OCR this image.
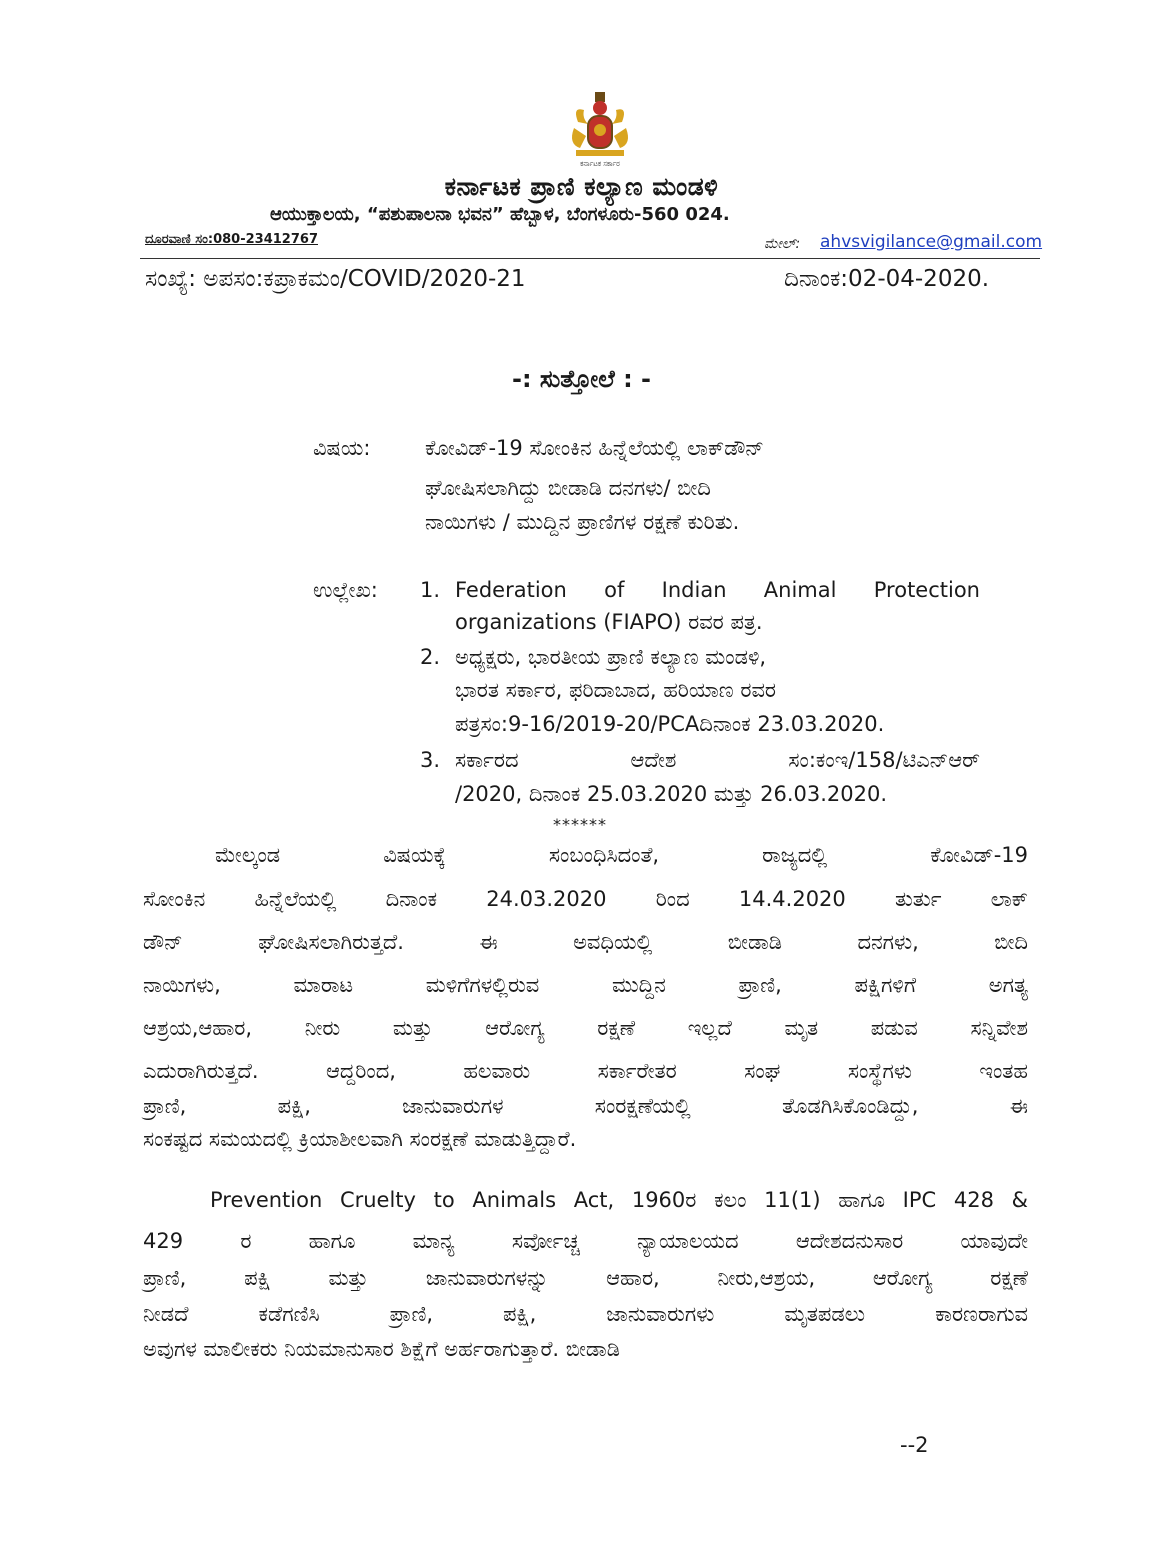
ಕರ್ನಾಟಕ ಸರ್ಕಾರ
ಕರ್ನಾಟಕ ಪ್ರಾಣಿ ಕಲ್ಯಾಣ ಮಂಡಳಿ
ಆಯುಕ್ತಾಲಯ, “ಪಶುಪಾಲನಾ ಭವನ” ಹೆಬ್ಬಾಳ, ಬೆಂಗಳೂರು-560 024.
ದೂರವಾಣಿ ಸಂ:080-23412767	ಮೇಲ್: ahvsvigilance@gmail.com
ಸಂಖ್ಯೆ: ಅಪಸಂ:ಕಪ್ರಾಕಮಂ/COVID/2020-21	ದಿನಾಂಕ:02-04-2020.
-: ಸುತ್ತೋಲೆ : -
ವಿಷಯ:	ಕೋವಿಡ್-19 ಸೋಂಕಿನ ಹಿನ್ನೆಲೆಯಲ್ಲಿ ಲಾಕ್‌ಡೌನ್
ಘೋಷಿಸಲಾಗಿದ್ದು ಬೀಡಾಡಿ ದನಗಳು/ ಬೀದಿ
ನಾಯಿಗಳು / ಮುದ್ದಿನ ಪ್ರಾಣಿಗಳ ರಕ್ಷಣೆ ಕುರಿತು.
ಉಲ್ಲೇಖ: 1. Federation of Indian Animal Protection
organizations (FIAPO) ರವರ ಪತ್ರ.
2. ಅಧ್ಯಕ್ಷರು, ಭಾರತೀಯ ಪ್ರಾಣಿ ಕಲ್ಯಾಣ ಮಂಡಳಿ,
ಭಾರತ ಸರ್ಕಾರ, ಫರಿದಾಬಾದ, ಹರಿಯಾಣ ರವರ
ಪತ್ರಸಂ:9-16/2019-20/PCAದಿನಾಂಕ 23.03.2020.
3. ಸರ್ಕಾರದ ಆದೇಶ ಸಂ:ಕಂಇ/158/ಟಿಎನ್‌ಆರ್
/2020, ದಿನಾಂಕ 25.03.2020 ಮತ್ತು 26.03.2020.
******
ಮೇಲ್ಕಂಡ ವಿಷಯಕ್ಕೆ ಸಂಬಂಧಿಸಿದಂತೆ, ರಾಜ್ಯದಲ್ಲಿ ಕೋವಿಡ್-19
ಸೋಂಕಿನ ಹಿನ್ನೆಲೆಯಲ್ಲಿ ದಿನಾಂಕ 24.03.2020 ರಿಂದ 14.4.2020 ತುರ್ತು ಲಾಕ್
ಡೌನ್ ಘೋಷಿಸಲಾಗಿರುತ್ತದೆ. ಈ ಅವಧಿಯಲ್ಲಿ ಬೀಡಾಡಿ ದನಗಳು, ಬೀದಿ
ನಾಯಿಗಳು, ಮಾರಾಟ ಮಳಿಗೆಗಳಲ್ಲಿರುವ ಮುದ್ದಿನ ಪ್ರಾಣಿ, ಪಕ್ಷಿಗಳಿಗೆ ಅಗತ್ಯ
ಆಶ್ರಯ,ಆಹಾರ, ನೀರು ಮತ್ತು ಆರೋಗ್ಯ ರಕ್ಷಣೆ ಇಲ್ಲದೆ ಮೃತ ಪಡುವ ಸನ್ನಿವೇಶ
ಎದುರಾಗಿರುತ್ತದೆ. ಆದ್ದರಿಂದ, ಹಲವಾರು ಸರ್ಕಾರೇತರ ಸಂಘ ಸಂಸ್ಥೆಗಳು ಇಂತಹ
ಪ್ರಾಣಿ, ಪಕ್ಷಿ, ಜಾನುವಾರುಗಳ ಸಂರಕ್ಷಣೆಯಲ್ಲಿ ತೊಡಗಿಸಿಕೊಂಡಿದ್ದು, ಈ
ಸಂಕಷ್ಟದ ಸಮಯದಲ್ಲಿ ಕ್ರಿಯಾಶೀಲವಾಗಿ ಸಂರಕ್ಷಣೆ ಮಾಡುತ್ತಿದ್ದಾರೆ.
Prevention Cruelty to Animals Act, 1960ರ ಕಲಂ 11(1) ಹಾಗೂ IPC 428 &
429 ರ ಹಾಗೂ ಮಾನ್ಯ ಸರ್ವೋಚ್ಚ ನ್ಯಾಯಾಲಯದ ಆದೇಶದನುಸಾರ ಯಾವುದೇ
ಪ್ರಾಣಿ, ಪಕ್ಷಿ ಮತ್ತು ಜಾನುವಾರುಗಳನ್ನು ಆಹಾರ, ನೀರು,ಆಶ್ರಯ, ಆರೋಗ್ಯ ರಕ್ಷಣೆ
ನೀಡದೆ ಕಡೆಗಣಿಸಿ ಪ್ರಾಣಿ, ಪಕ್ಷಿ, ಜಾನುವಾರುಗಳು ಮೃತಪಡಲು ಕಾರಣರಾಗುವ
ಅವುಗಳ ಮಾಲೀಕರು ನಿಯಮಾನುಸಾರ ಶಿಕ್ಷೆಗೆ ಅರ್ಹರಾಗುತ್ತಾರೆ. ಬೀಡಾಡಿ
--2
